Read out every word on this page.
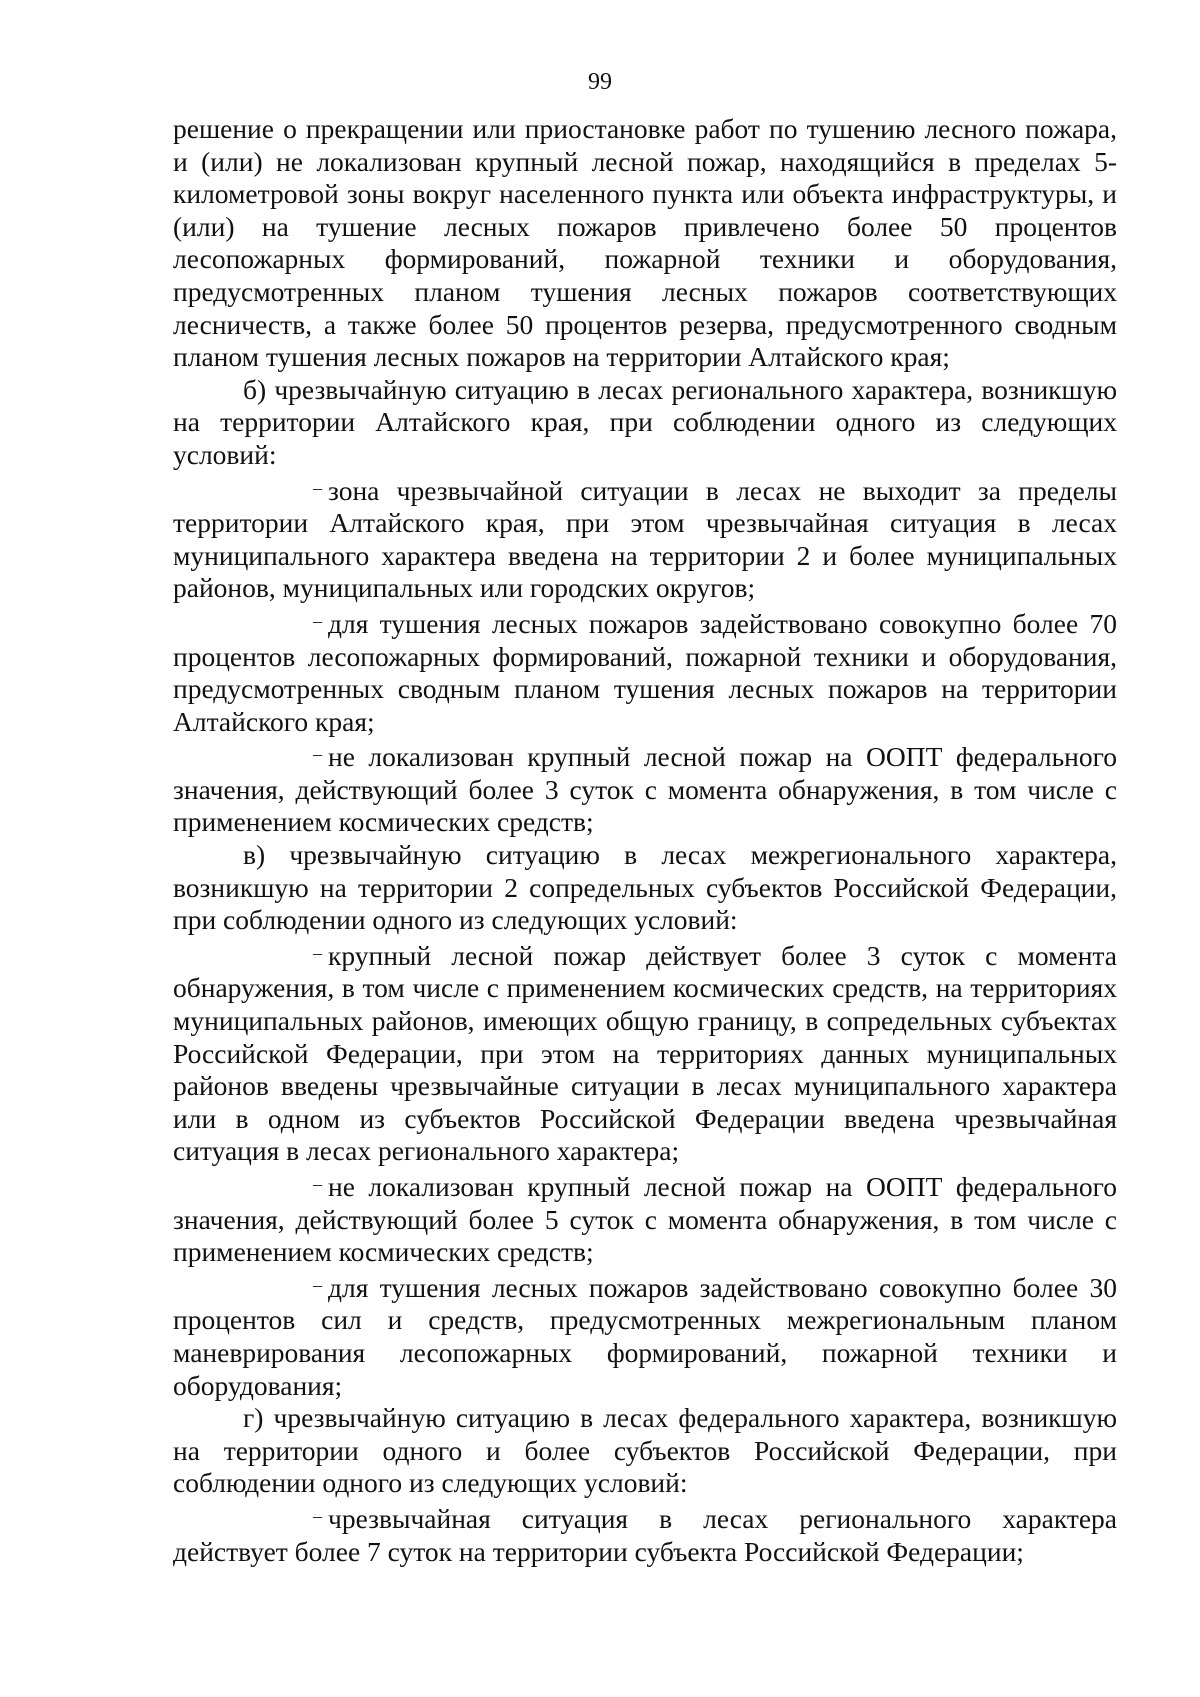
99

решение о прекращении или приостановке работ по тушению лесного пожара, и (или) не локализован крупный лесной пожар, находящийся в пределах 5-километровой зоны вокруг населенного пункта или объекта инфраструктуры, и (или) на тушение лесных пожаров привлечено более 50 процентов лесопожарных формирований, пожарной техники и оборудования, предусмотренных планом тушения лесных пожаров соответствующих лесничеств, а также более 50 процентов резерва, предусмотренного сводным планом тушения лесных пожаров на территории Алтайского края;

б) чрезвычайную ситуацию в лесах регионального характера, возникшую на территории Алтайского края, при соблюдении одного из следующих условий:

– зона чрезвычайной ситуации в лесах не выходит за пределы территории Алтайского края, при этом чрезвычайная ситуация в лесах муниципального характера введена на территории 2 и более муниципальных районов, муниципальных или городских округов;

– для тушения лесных пожаров задействовано совокупно более 70 процентов лесопожарных формирований, пожарной техники и оборудования, предусмотренных сводным планом тушения лесных пожаров на территории Алтайского края;

– не локализован крупный лесной пожар на ООПТ федерального значения, действующий более 3 суток с момента обнаружения, в том числе с применением космических средств;

в) чрезвычайную ситуацию в лесах межрегионального характера, возникшую на территории 2 сопредельных субъектов Российской Федерации, при соблюдении одного из следующих условий:

– крупный лесной пожар действует более 3 суток с момента обнаружения, в том числе с применением космических средств, на территориях муниципальных районов, имеющих общую границу, в сопредельных субъектах Российской Федерации, при этом на территориях данных муниципальных районов введены чрезвычайные ситуации в лесах муниципального характера или в одном из субъектов Российской Федерации введена чрезвычайная ситуация в лесах регионального характера;

– не локализован крупный лесной пожар на ООПТ федерального значения, действующий более 5 суток с момента обнаружения, в том числе с применением космических средств;

– для тушения лесных пожаров задействовано совокупно более 30 процентов сил и средств, предусмотренных межрегиональным планом маневрирования лесопожарных формирований, пожарной техники и оборудования;

г) чрезвычайную ситуацию в лесах федерального характера, возникшую на территории одного и более субъектов Российской Федерации, при соблюдении одного из следующих условий:

– чрезвычайная ситуация в лесах регионального характера действует более 7 суток на территории субъекта Российской Федерации;
